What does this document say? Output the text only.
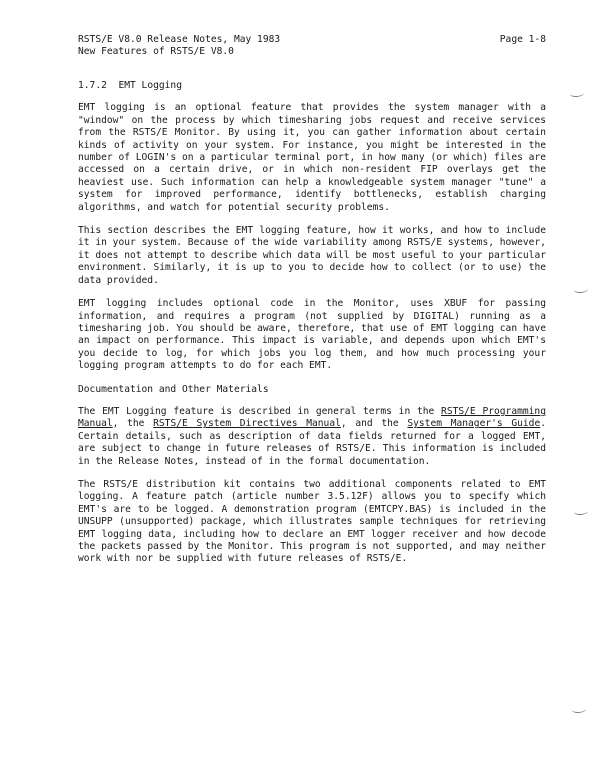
RSTS/E V8.0 Release Notes, May 1983
New Features of RSTS/E V8.0
Page 1-8
1.7.2 EMT Logging

EMT logging is an optional feature that provides the system manager with a "window" on the process by which timesharing jobs request and receive services from the RSTS/E Monitor. By using it, you can gather information about certain kinds of activity on your system. For instance, you might be interested in the number of LOGIN's on a particular terminal port, in how many (or which) files are accessed on a certain drive, or in which non-resident FIP overlays get the heaviest use. Such information can help a knowledgeable system manager "tune" a system for improved performance, identify bottlenecks, establish charging algorithms, and watch for potential security problems.

This section describes the EMT logging feature, how it works, and how to include it in your system. Because of the wide variability among RSTS/E systems, however, it does not attempt to describe which data will be most useful to your particular environment. Similarly, it is up to you to decide how to collect (or to use) the data provided.

EMT logging includes optional code in the Monitor, uses XBUF for passing information, and requires a program (not supplied by DIGITAL) running as a timesharing job. You should be aware, therefore, that use of EMT logging can have an impact on performance. This impact is variable, and depends upon which EMT's you decide to log, for which jobs you log them, and how much processing your logging program attempts to do for each EMT.

Documentation and Other Materials

The EMT Logging feature is described in general terms in the RSTS/E Programming Manual, the RSTS/E System Directives Manual, and the System Manager's Guide. Certain details, such as description of data fields returned for a logged EMT, are subject to change in future releases of RSTS/E. This information is included in the Release Notes, instead of in the formal documentation.

The RSTS/E distribution kit contains two additional components related to EMT logging. A feature patch (article number 3.5.12F) allows you to specify which EMT's are to be logged. A demonstration program (EMTCPY.BAS) is included in the UNSUPP (unsupported) package, which illustrates sample techniques for retrieving EMT logging data, including how to declare an EMT logger receiver and how decode the packets passed by the Monitor. This program is not supported, and may neither work with nor be supplied with future releases of RSTS/E.
